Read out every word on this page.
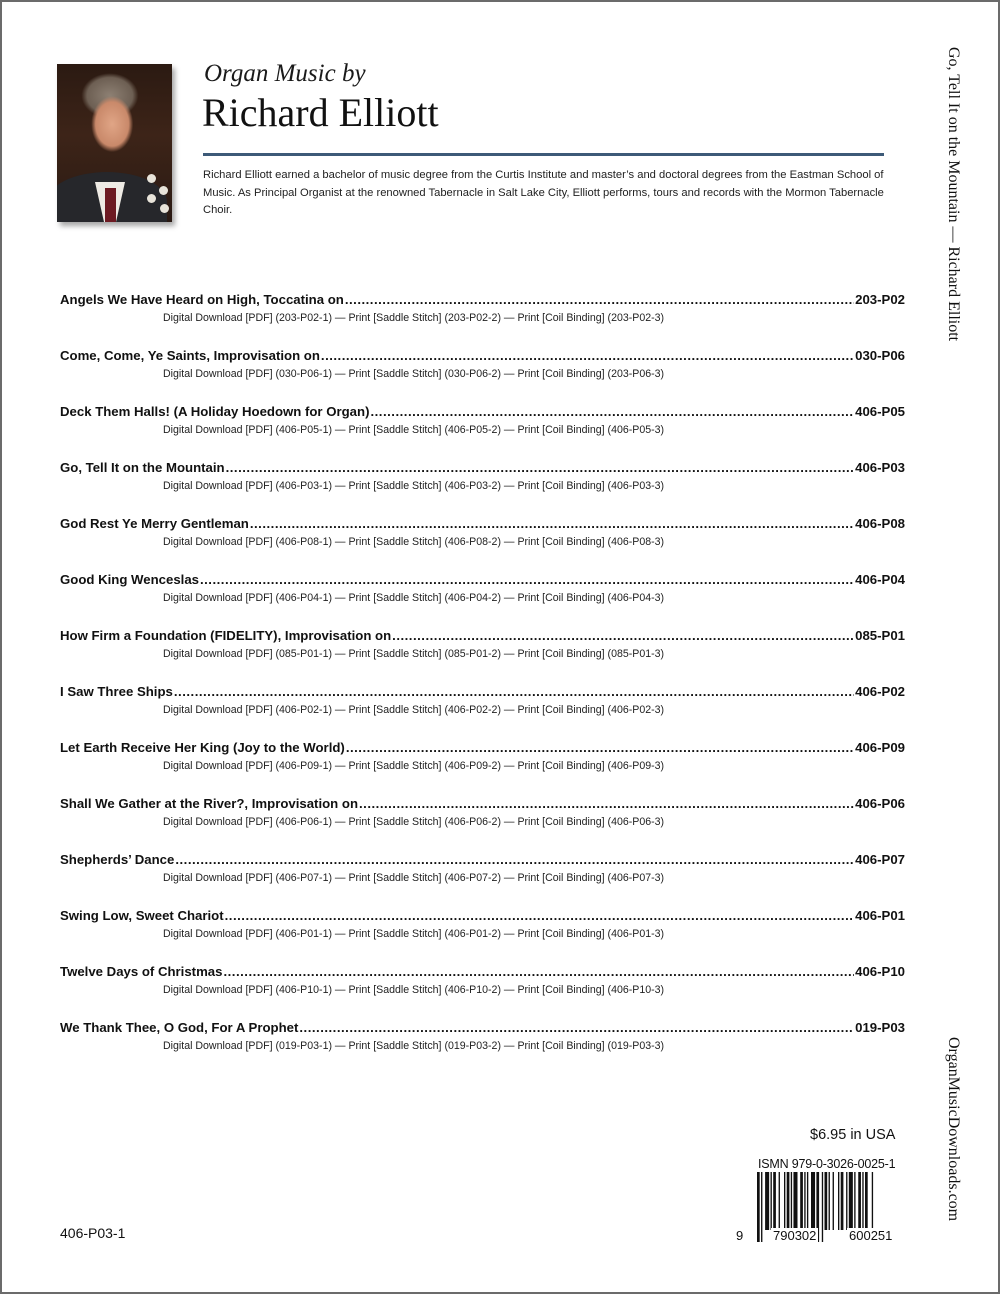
Organ Music by
Richard Elliott
Richard Elliott earned a bachelor of music degree from the Curtis Institute and master’s and doctoral degrees from the Eastman School of Music. As Principal Organist at the renowned Tabernacle in Salt Lake City, Elliott performs, tours and records with the Mormon Tabernacle Choir.
Angels We Have Heard on High, Toccatina on .....	203-P02
Digital Download [PDF] (203-P02-1) — Print [Saddle Stitch] (203-P02-2) — Print [Coil Binding] (203-P02-3)
Come, Come, Ye Saints, Improvisation on .....	030-P06
Digital Download [PDF] (030-P06-1) — Print [Saddle Stitch] (030-P06-2) — Print [Coil Binding] (203-P06-3)
Deck Them Halls! (A Holiday Hoedown for Organ) .....	406-P05
Digital Download [PDF] (406-P05-1) — Print [Saddle Stitch] (406-P05-2) — Print [Coil Binding] (406-P05-3)
Go, Tell It on the Mountain .....	406-P03
Digital Download [PDF] (406-P03-1) — Print [Saddle Stitch] (406-P03-2) — Print [Coil Binding] (406-P03-3)
God Rest Ye Merry Gentleman .....	406-P08
Digital Download [PDF] (406-P08-1) — Print [Saddle Stitch] (406-P08-2) — Print [Coil Binding] (406-P08-3)
Good King Wenceslas .....	406-P04
Digital Download [PDF] (406-P04-1) — Print [Saddle Stitch] (406-P04-2) — Print [Coil Binding] (406-P04-3)
How Firm a Foundation (FIDELITY), Improvisation on .....	085-P01
Digital Download [PDF] (085-P01-1) — Print [Saddle Stitch] (085-P01-2) — Print [Coil Binding] (085-P01-3)
I Saw Three Ships .....	406-P02
Digital Download [PDF] (406-P02-1) — Print [Saddle Stitch] (406-P02-2) — Print [Coil Binding] (406-P02-3)
Let Earth Receive Her King (Joy to the World) .....	406-P09
Digital Download [PDF] (406-P09-1) — Print [Saddle Stitch] (406-P09-2) — Print [Coil Binding] (406-P09-3)
Shall We Gather at the River?, Improvisation on .....	406-P06
Digital Download [PDF] (406-P06-1) — Print [Saddle Stitch] (406-P06-2) — Print [Coil Binding] (406-P06-3)
Shepherds’ Dance .....	406-P07
Digital Download [PDF] (406-P07-1) — Print [Saddle Stitch] (406-P07-2) — Print [Coil Binding] (406-P07-3)
Swing Low, Sweet Chariot .....	406-P01
Digital Download [PDF] (406-P01-1) — Print [Saddle Stitch] (406-P01-2) — Print [Coil Binding] (406-P01-3)
Twelve Days of Christmas .....	406-P10
Digital Download [PDF] (406-P10-1) — Print [Saddle Stitch] (406-P10-2) — Print [Coil Binding] (406-P10-3)
We Thank Thee, O God, For A Prophet .....	019-P03
Digital Download [PDF] (019-P03-1) — Print [Saddle Stitch] (019-P03-2) — Print [Coil Binding] (019-P03-3)
Go, Tell It on the Mountain — Richard Elliott
OrganMusicDownloads.com
406-P03-1
$6.95 in USA
ISMN 979-0-3026-0025-1
9 790302	600251
